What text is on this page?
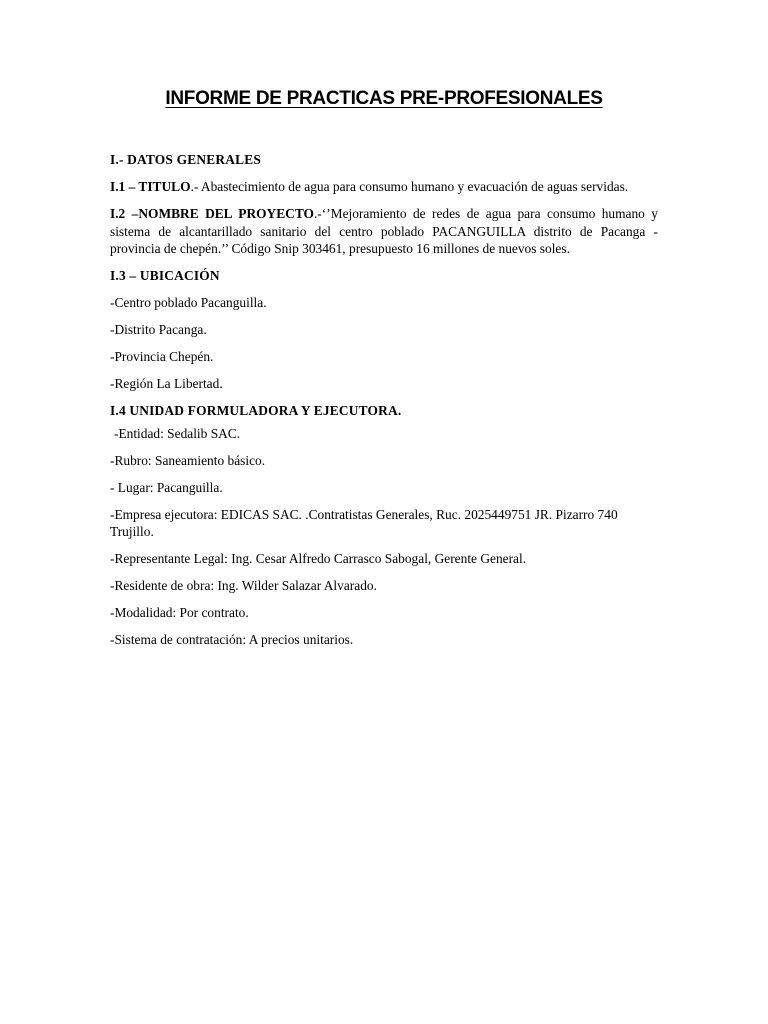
INFORME DE PRACTICAS PRE-PROFESIONALES

I.- DATOS GENERALES

I.1 – TITULO.- Abastecimiento de agua para consumo humano y evacuación de aguas servidas.

I.2 –NOMBRE DEL PROYECTO.-‘’Mejoramiento de redes de agua para consumo humano y sistema de alcantarillado sanitario del centro poblado PACANGUILLA distrito de Pacanga - provincia de chepén.’’ Código Snip 303461, presupuesto 16 millones de nuevos soles.

I.3 – UBICACIÓN

-Centro poblado Pacanguilla.

-Distrito Pacanga.

-Provincia Chepén.

-Región La Libertad.

I.4 UNIDAD FORMULADORA Y EJECUTORA.

-Entidad: Sedalib SAC.

-Rubro: Saneamiento básico.

- Lugar: Pacanguilla.

-Empresa ejecutora: EDICAS SAC. .Contratistas Generales, Ruc. 2025449751 JR. Pizarro 740 Trujillo.

-Representante Legal: Ing. Cesar Alfredo Carrasco Sabogal, Gerente General.

-Residente de obra: Ing. Wilder Salazar Alvarado.

-Modalidad: Por contrato.

-Sistema de contratación: A precios unitarios.
